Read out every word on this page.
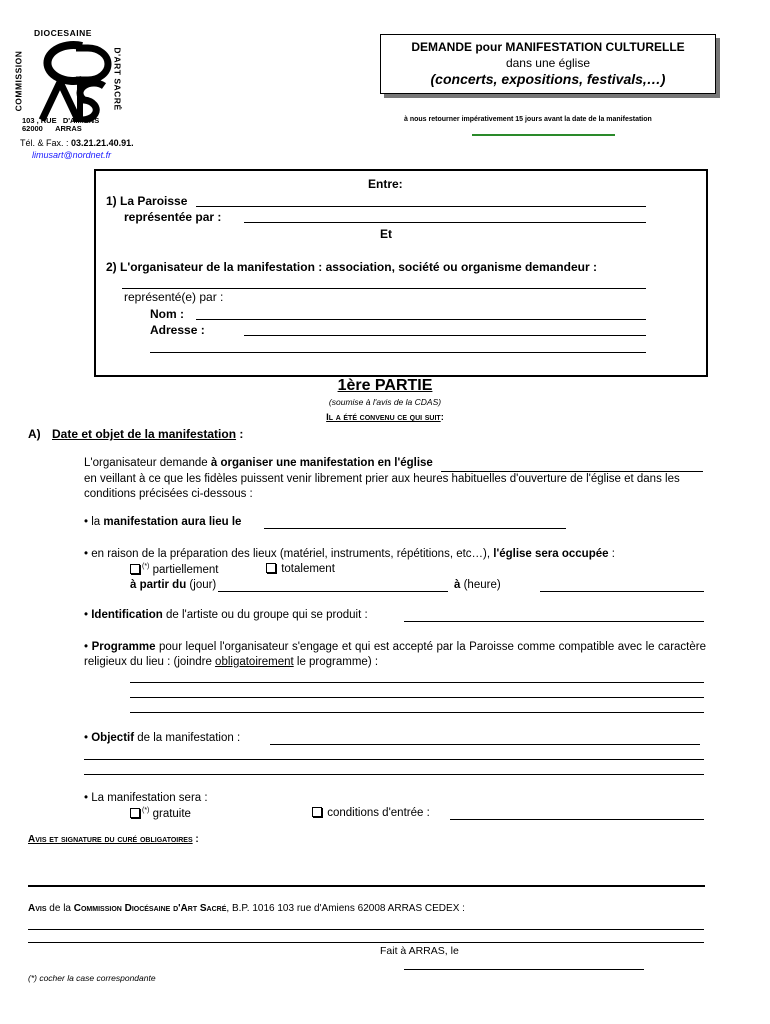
DIOCESAINE
COMMISSION	D'ART SACRÉ
103 , RUE   D'AMIENS
62000      ARRAS
Tél. & Fax. : 03.21.21.40.91.
limusart@nordnet.fr
DEMANDE pour MANIFESTATION CULTURELLE
dans une église
(concerts, expositions, festivals,…)
à nous retourner impérativement 15 jours avant la date de la manifestation
Entre:
1) La Paroisse
représentée par :
Et
2) L'organisateur de la manifestation : association, société ou organisme demandeur :
représenté(e) par :
Nom :
Adresse :
1ère PARTIE
(soumise à l'avis de la CDAS)
Il a été convenu ce qui suit:
A) Date et objet de la manifestation :
L'organisateur demande à organiser une manifestation en l'église  en veillant à ce que les fidèles puissent venir librement prier aux heures habituelles d'ouverture de l'église et dans les conditions précisées ci-dessous :
• la manifestation aura lieu le
• en raison de la préparation des lieux (matériel, instruments, répétitions, etc…), l'église sera occupée :
(*) partiellement	totalement
à partir du (jour)	à (heure)
• Identification de l'artiste ou du groupe qui se produit :
• Programme pour lequel l'organisateur s'engage et qui est accepté par la Paroisse comme compatible avec le caractère religieux du lieu : (joindre obligatoirement le programme) :
• Objectif de la manifestation :
• La manifestation sera :
(*) gratuite	conditions d'entrée :
Avis et signature du curé obligatoires :
Avis de la Commission Diocésaine d'Art Sacré, B.P. 1016 103 rue d'Amiens 62008 ARRAS CEDEX :
Fait à ARRAS, le
(*) cocher la case correspondante
